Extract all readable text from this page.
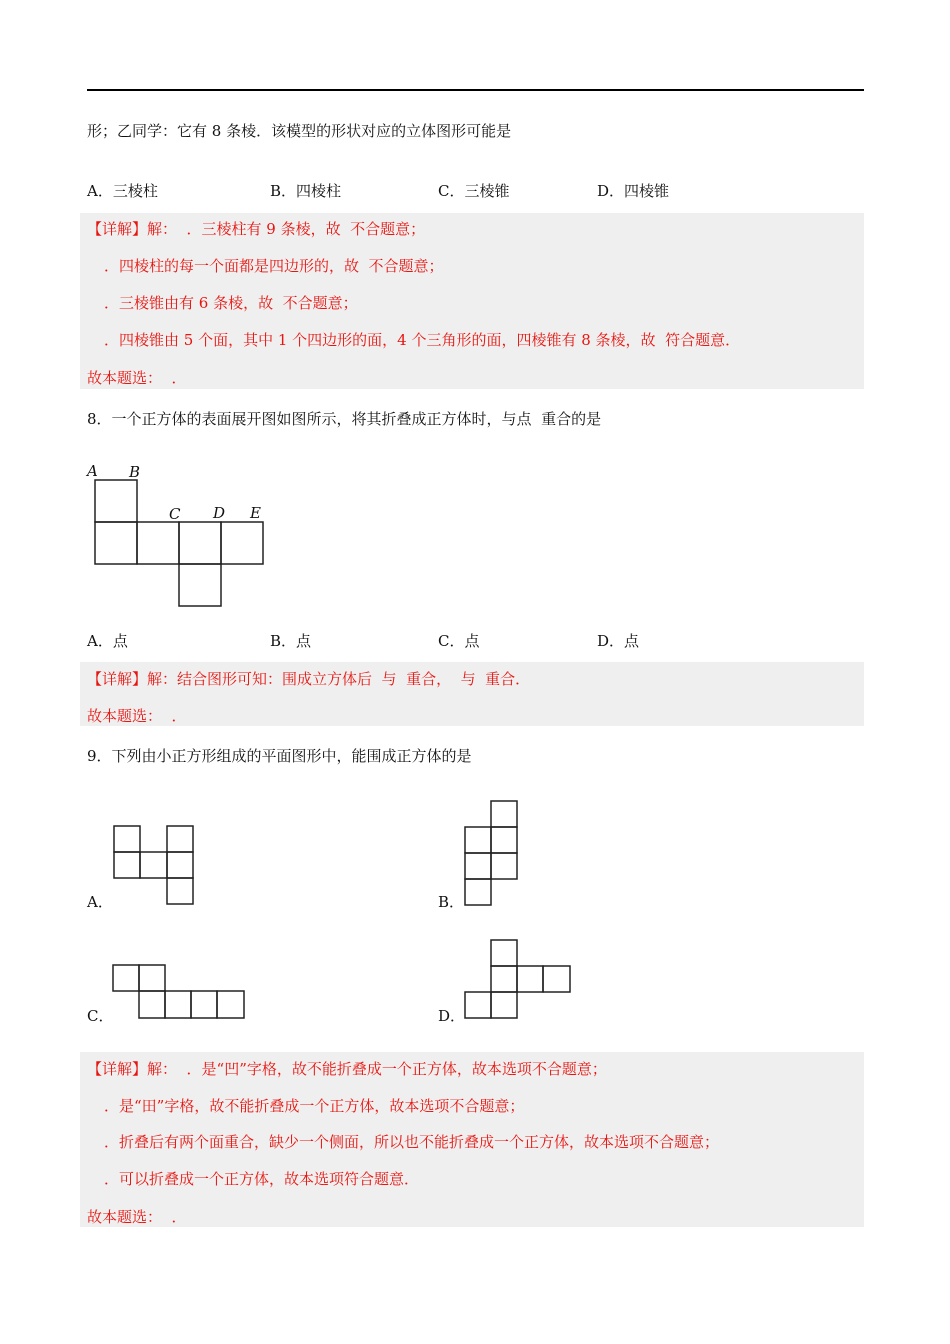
形；乙同学：它有 8 条棱．该模型的形状对应的立体图形可能是
A．三棱柱	B．四棱柱	C．三棱锥	D．四棱锥
【详解】解：  ．三棱柱有 9 条棱，故  不合题意；
．四棱柱的每一个面都是四边形的，故  不合题意；
．三棱锥由有 6 条棱，故  不合题意；
．四棱锥由 5 个面，其中 1 个四边形的面，4 个三角形的面，四棱锥有 8 条棱，故  符合题意．
故本题选：  ．
8．一个正方体的表面展开图如图所示，将其折叠成正方体时，与点  重合的是
A B
C D E
A．点	B．点	C．点	D．点
【详解】解：结合图形可知：围成立方体后  与  重合，  与  重合．
故本题选：  ．
9．下列由小正方形组成的平面图形中，能围成正方体的是
A．	B．
C．	D．
【详解】解：  ．是“凹”字格，故不能折叠成一个正方体，故本选项不合题意；
．是“田”字格，故不能折叠成一个正方体，故本选项不合题意；
．折叠后有两个面重合，缺少一个侧面，所以也不能折叠成一个正方体，故本选项不合题意；
．可以折叠成一个正方体，故本选项符合题意．
故本题选：  ．
